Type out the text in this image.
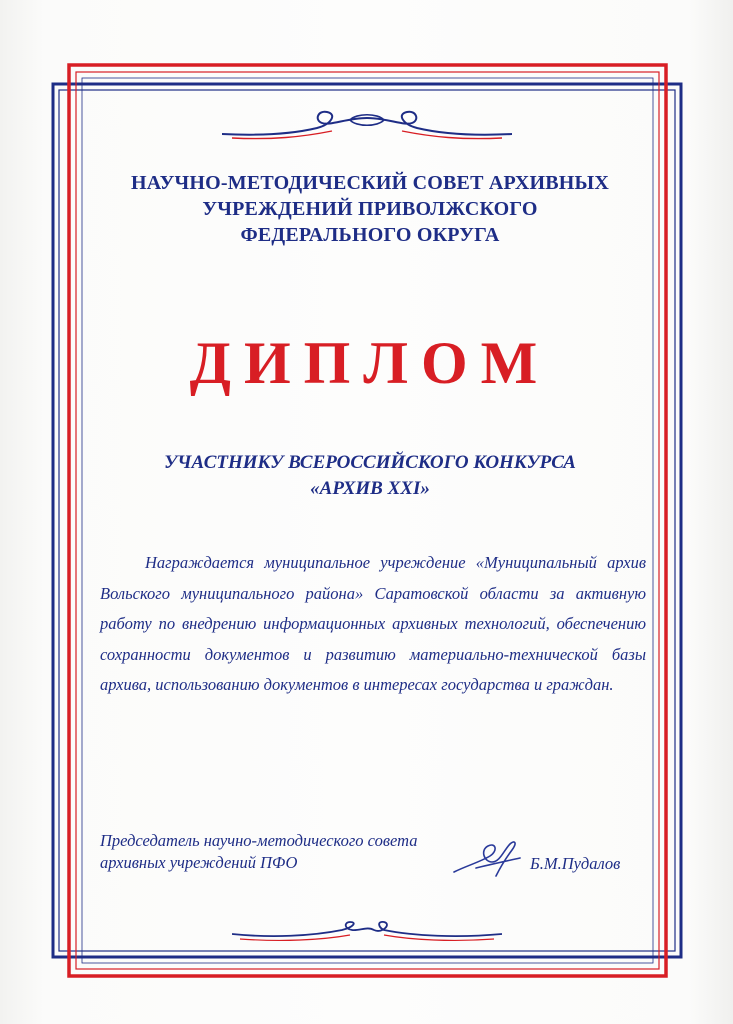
НАУЧНО-МЕТОДИЧЕСКИЙ СОВЕТ АРХИВНЫХ
УЧРЕЖДЕНИЙ ПРИВОЛЖСКОГО
ФЕДЕРАЛЬНОГО ОКРУГА
ДИПЛОМ
УЧАСТНИКУ ВСЕРОССИЙСКОГО КОНКУРСА
«АРХИВ XXI»

Награждается муниципальное учреждение «Муниципальный архив Вольского муниципального района» Саратовской области за активную работу по внедрению информационных архивных технологий, обеспечению сохранности документов и развитию материально-технической базы архива, использованию документов в интересах государства и граждан.

Председатель научно-методического совета
архивных учреждений ПФО	Б.М.Пудалов
